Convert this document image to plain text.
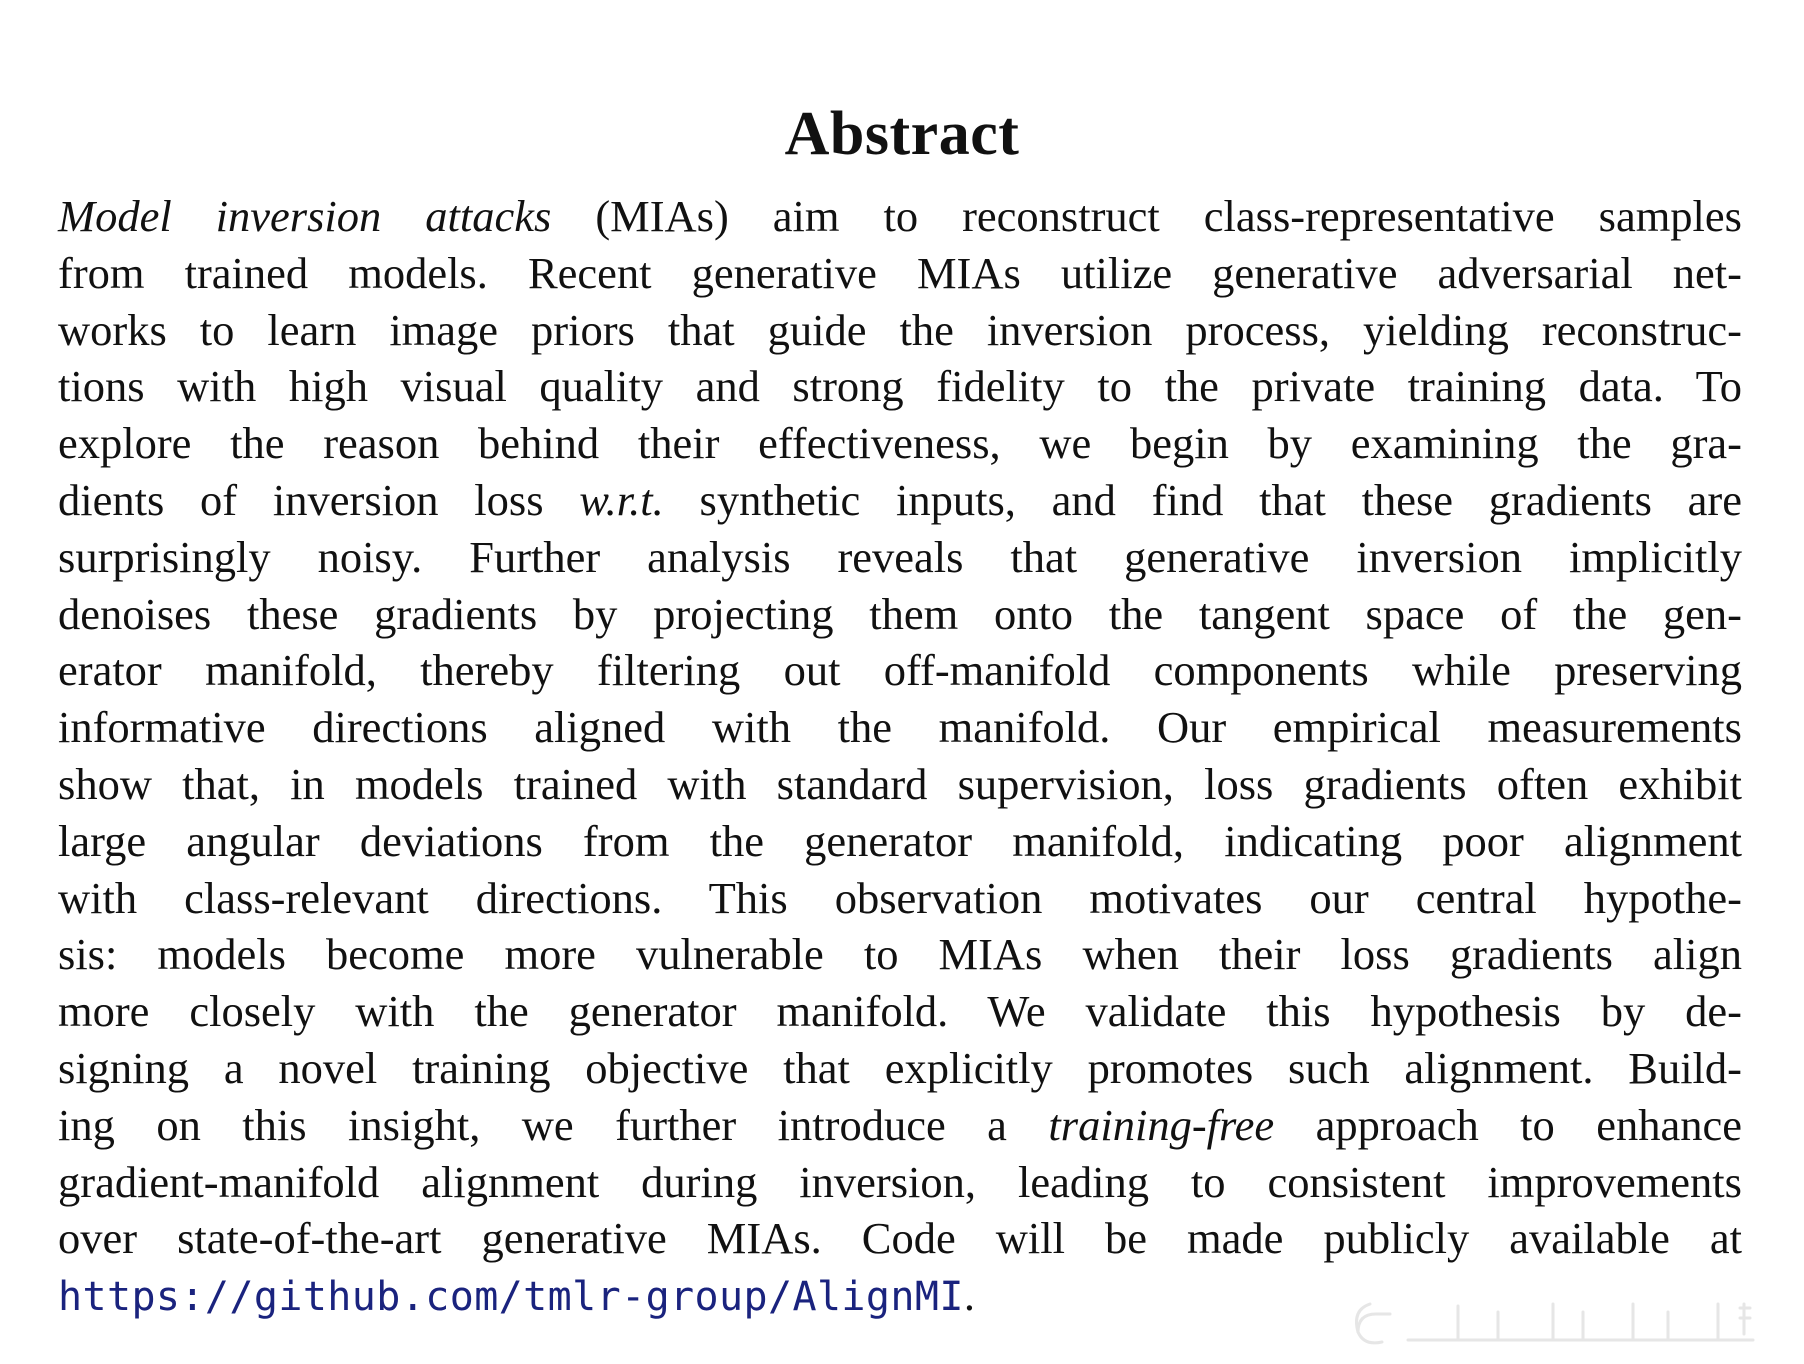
Abstract
Model inversion attacks (MIAs) aim to reconstruct class-representative samples
from trained models. Recent generative MIAs utilize generative adversarial net-
works to learn image priors that guide the inversion process, yielding reconstruc-
tions with high visual quality and strong fidelity to the private training data. To
explore the reason behind their effectiveness, we begin by examining the gra-
dients of inversion loss w.r.t. synthetic inputs, and find that these gradients are
surprisingly noisy. Further analysis reveals that generative inversion implicitly
denoises these gradients by projecting them onto the tangent space of the gen-
erator manifold, thereby filtering out off-manifold components while preserving
informative directions aligned with the manifold. Our empirical measurements
show that, in models trained with standard supervision, loss gradients often exhibit
large angular deviations from the generator manifold, indicating poor alignment
with class-relevant directions. This observation motivates our central hypothe-
sis: models become more vulnerable to MIAs when their loss gradients align
more closely with the generator manifold. We validate this hypothesis by de-
signing a novel training objective that explicitly promotes such alignment. Build-
ing on this insight, we further introduce a training-free approach to enhance
gradient-manifold alignment during inversion, leading to consistent improvements
over state-of-the-art generative MIAs. Code will be made publicly available at
https://github.com/tmlr-group/AlignMI.
